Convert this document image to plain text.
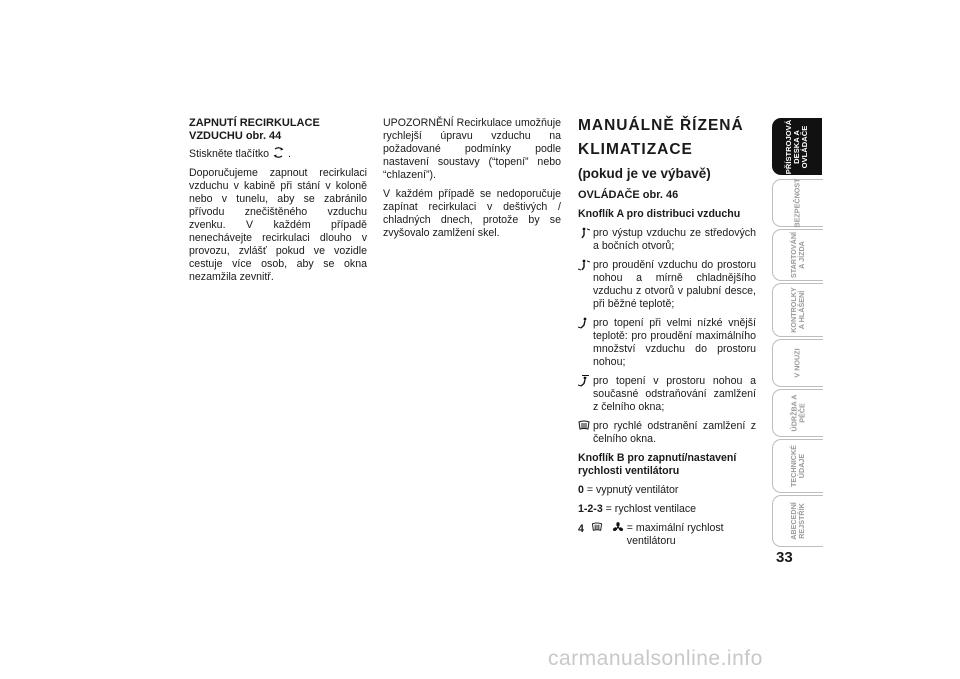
ZAPNUTÍ RECIRKULACE VZDUCHU obr. 44

Stiskněte tlačítko .

Doporučujeme zapnout recirkulaci vzduchu v kabině při stání v koloně nebo v tunelu, aby se zabránilo přívodu znečištěného vzduchu zvenku. V každém případě nenechávejte recirkulaci dlouho v provozu, zvlášť pokud ve vozidle cestuje více osob, aby se okna nezamžila zevnitř.

UPOZORNĚNÍ Recirkulace umožňuje rychlejší úpravu vzduchu na požadované podmínky podle nastavení soustavy (“topení” nebo “chlazení”).

V každém případě se nedoporučuje zapínat recirkulaci v deštivých / chladných dnech, protože by se zvyšovalo zamlžení skel.

MANUÁLNĚ ŘÍZENÁ

KLIMATIZACE

(pokud je ve výbavě)

OVLÁDAČE obr. 46

Knoflík A pro distribuci vzduchu

pro výstup vzduchu ze středových a bočních otvorů;

pro proudění vzduchu do prostoru nohou a mírně chladnějšího vzduchu z otvorů v palubní desce, při běžné teplotě;

pro topení při velmi nízké vnější teplotě: pro proudění maximálního množství vzduchu do prostoru nohou;

pro topení v prostoru nohou a současné odstraňování zamlžení z čelního okna;

pro rychlé odstranění zamlžení z čelního okna.

Knoflík B pro zapnutí/nastavení rychlosti ventilátoru

0 = vypnutý ventilátor

1-2-3 = rychlost ventilace

4	= maximální rychlost ventilátoru

PŘÍSTROJOVÁ
DESKA A
OVLÁDAČE
BEZPEČNOST
STARTOVÁNÍ
A JÍZDA
KONTROLKY
A HLÁŠENÍ
V NOUZI
ÚDRŽBA A
PÉČE
TECHNICKÉ
ÚDAJE
ABECEDNÍ
REJSTŘÍK
33
carmanualsonline.info
